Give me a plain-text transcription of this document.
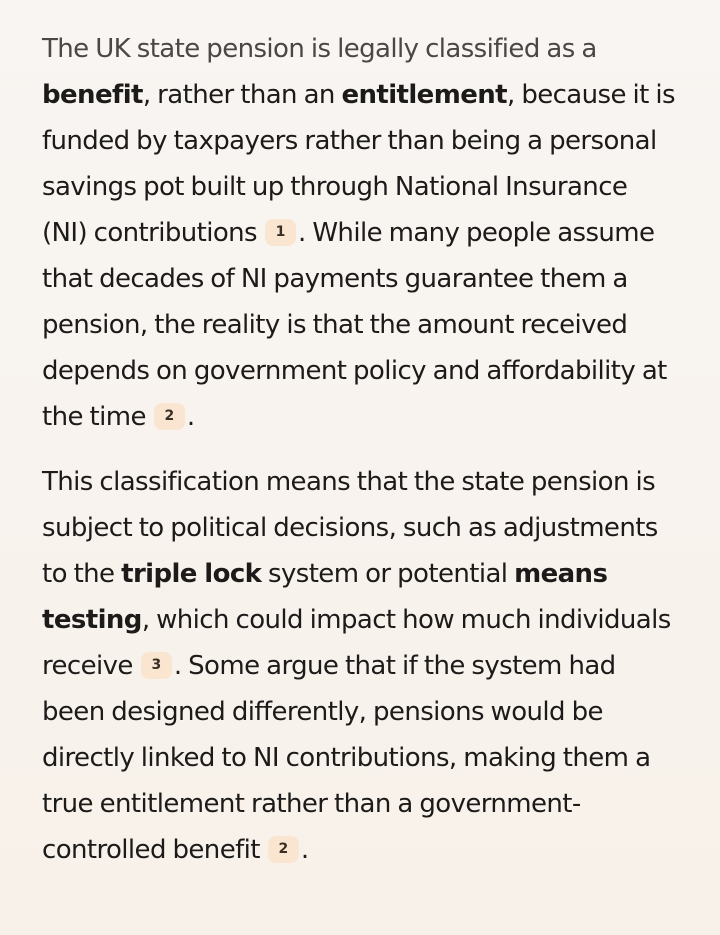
The UK state pension is legally classified as a
benefit, rather than an entitlement, because it is funded by taxpayers rather than being a personal savings pot built up through National Insurance (NI) contributions 1 . While many people assume that decades of NI payments guarantee them a pension, the reality is that the amount received depends on government policy and affordability at the time 2 .

This classification means that the state pension is subject to political decisions, such as adjustments to the triple lock system or potential means testing, which could impact how much individuals receive 3 . Some argue that if the system had been designed differently, pensions would be directly linked to NI contributions, making them a true entitlement rather than a government-controlled benefit 2 .
